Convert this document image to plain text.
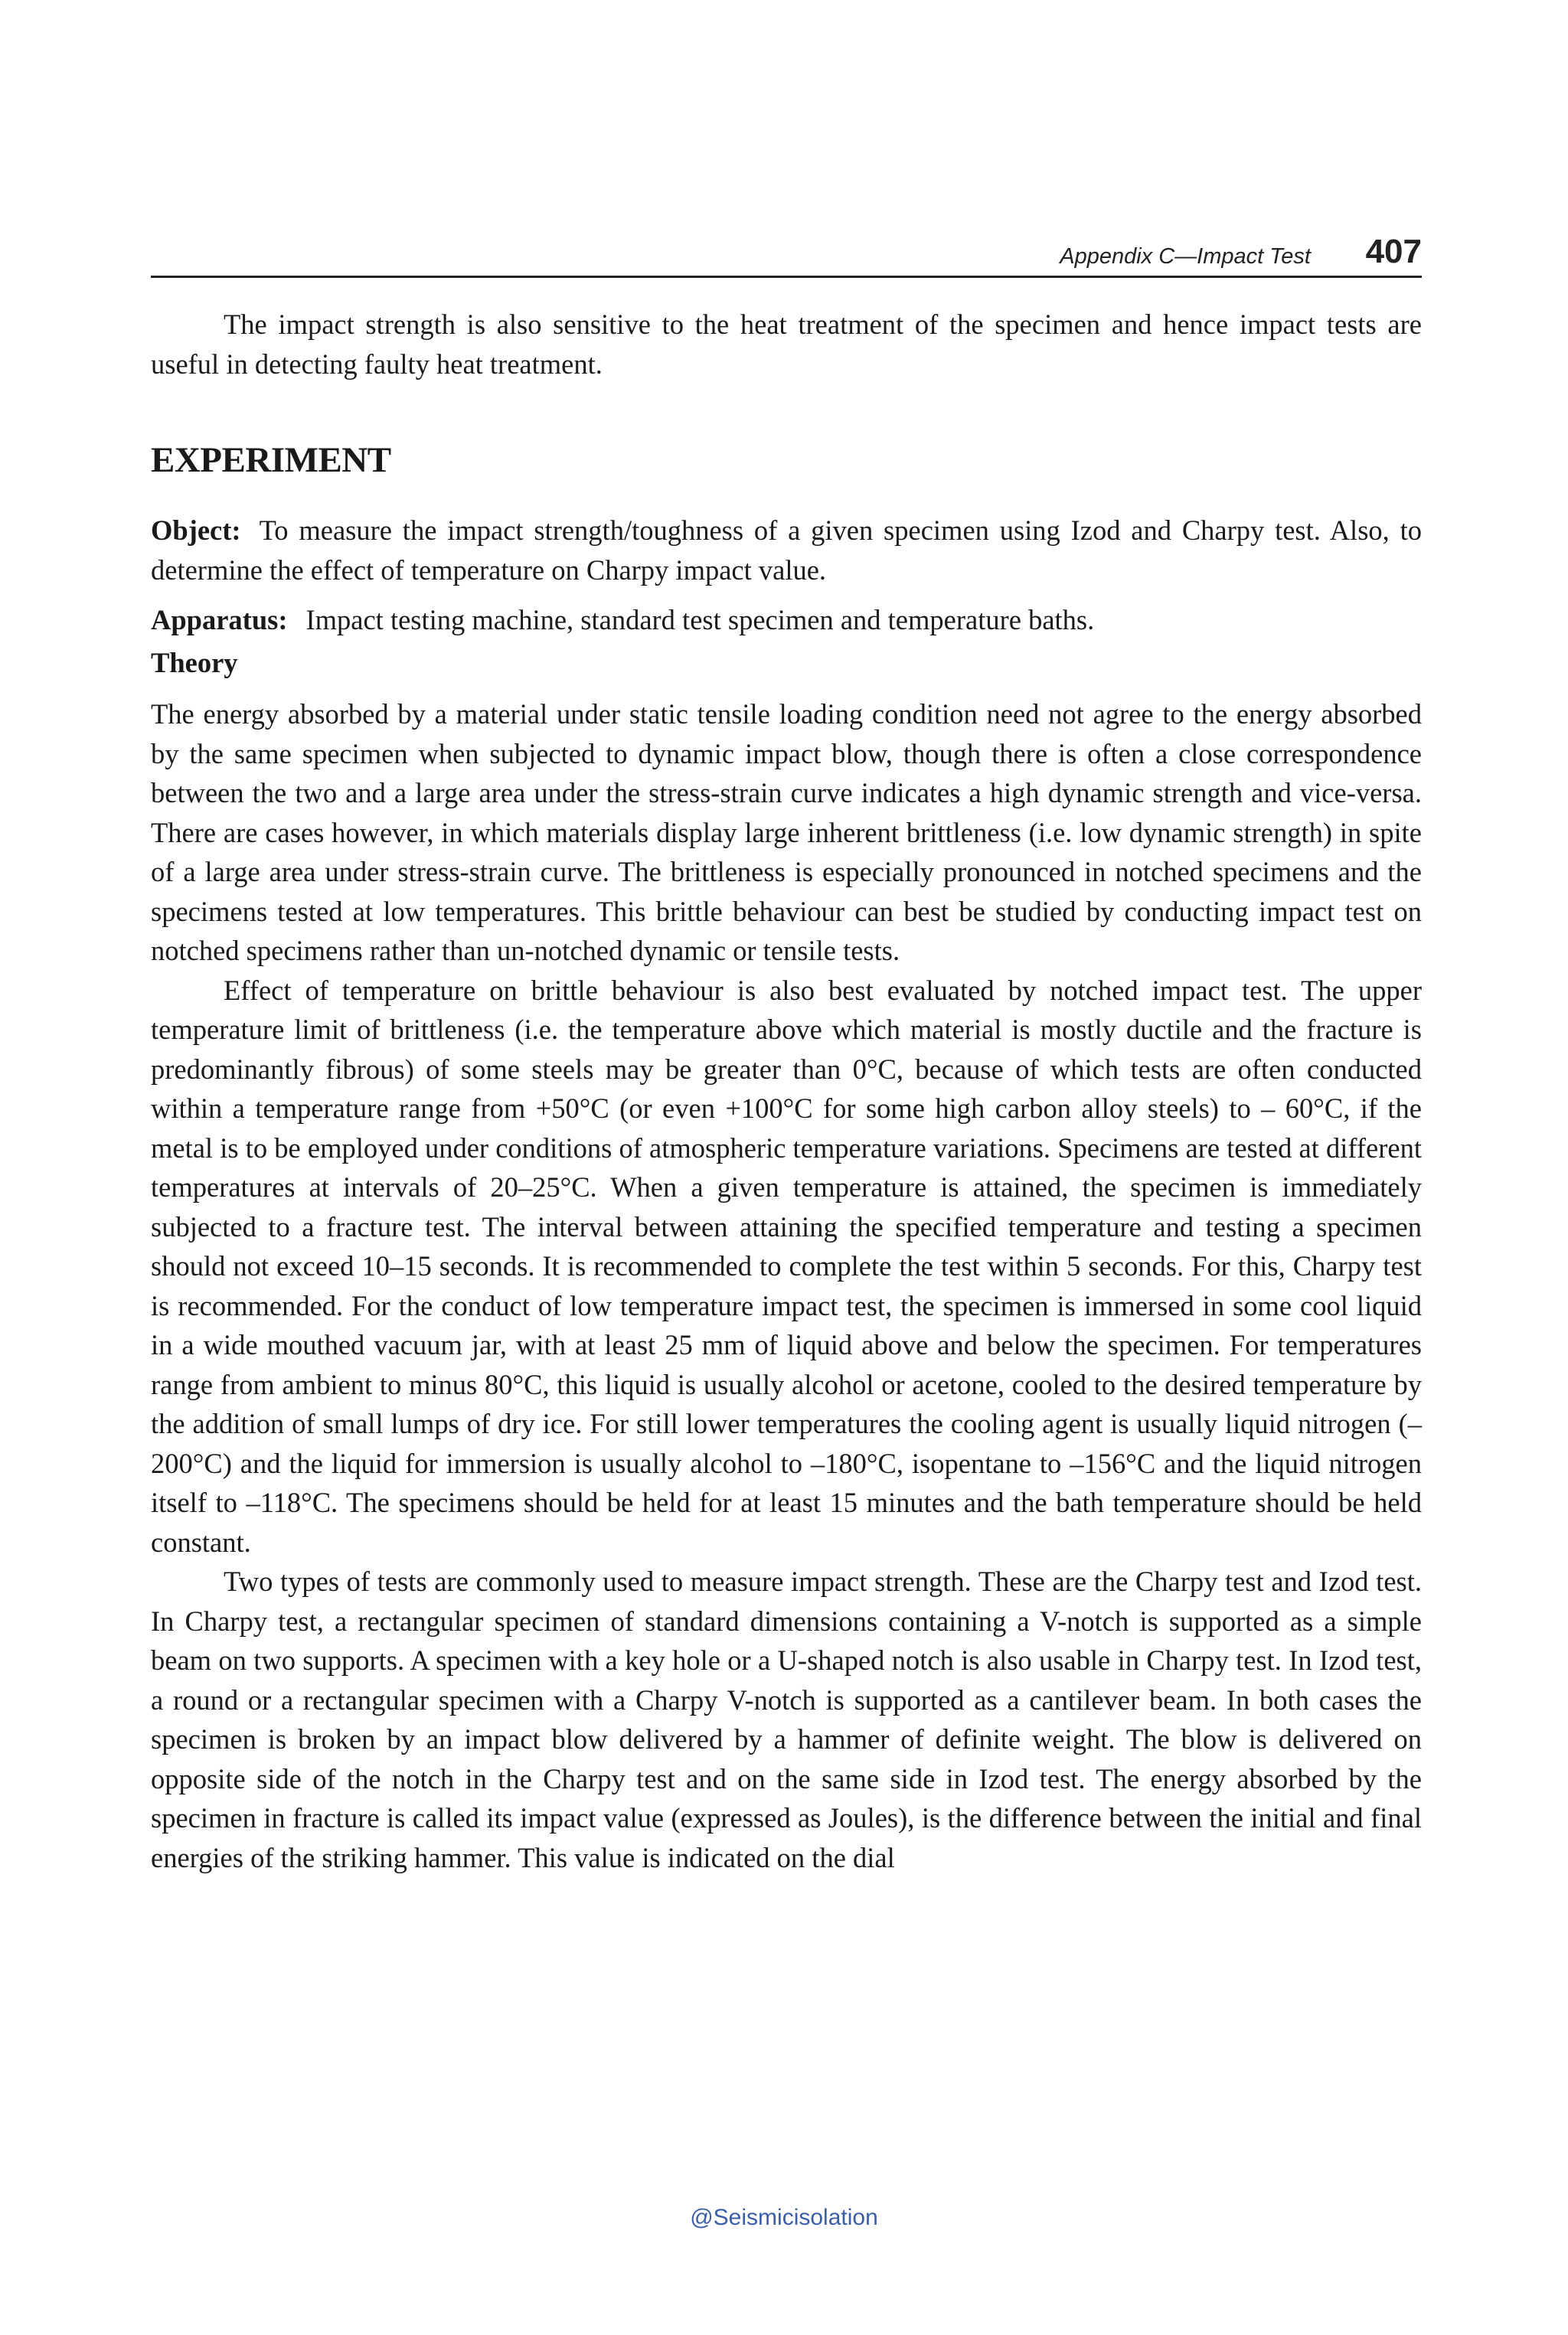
Appendix C—Impact Test 407

The impact strength is also sensitive to the heat treatment of the specimen and hence impact tests are useful in detecting faulty heat treatment.

EXPERIMENT

Object: To measure the impact strength/toughness of a given specimen using Izod and Charpy test. Also, to determine the effect of temperature on Charpy impact value.

Apparatus: Impact testing machine, standard test specimen and temperature baths.

Theory

The energy absorbed by a material under static tensile loading condition need not agree to the energy absorbed by the same specimen when subjected to dynamic impact blow, though there is often a close correspondence between the two and a large area under the stress-strain curve indicates a high dynamic strength and vice-versa. There are cases however, in which materials display large inherent brittleness (i.e. low dynamic strength) in spite of a large area under stress-strain curve. The brittleness is especially pronounced in notched specimens and the specimens tested at low temperatures. This brittle behaviour can best be studied by conducting impact test on notched specimens rather than un-notched dynamic or tensile tests.

Effect of temperature on brittle behaviour is also best evaluated by notched impact test. The upper temperature limit of brittleness (i.e. the temperature above which material is mostly ductile and the fracture is predominantly fibrous) of some steels may be greater than 0°C, because of which tests are often conducted within a temperature range from +50°C (or even +100°C for some high carbon alloy steels) to – 60°C, if the metal is to be employed under conditions of atmospheric temperature variations. Specimens are tested at different temperatures at intervals of 20–25°C. When a given temperature is attained, the specimen is immediately subjected to a fracture test. The interval between attaining the specified temperature and testing a specimen should not exceed 10–15 seconds. It is recommended to complete the test within 5 seconds. For this, Charpy test is recommended. For the conduct of low temperature impact test, the specimen is immersed in some cool liquid in a wide mouthed vacuum jar, with at least 25 mm of liquid above and below the specimen. For temperatures range from ambient to minus 80°C, this liquid is usually alcohol or acetone, cooled to the desired temperature by the addition of small lumps of dry ice. For still lower temperatures the cooling agent is usually liquid nitrogen (–200°C) and the liquid for immersion is usually alcohol to –180°C, isopentane to –156°C and the liquid nitrogen itself to –118°C. The specimens should be held for at least 15 minutes and the bath temperature should be held constant.

Two types of tests are commonly used to measure impact strength. These are the Charpy test and Izod test. In Charpy test, a rectangular specimen of standard dimensions containing a V-notch is supported as a simple beam on two supports. A specimen with a key hole or a U-shaped notch is also usable in Charpy test. In Izod test, a round or a rectangular specimen with a Charpy V-notch is supported as a cantilever beam. In both cases the specimen is broken by an impact blow delivered by a hammer of definite weight. The blow is delivered on opposite side of the notch in the Charpy test and on the same side in Izod test. The energy absorbed by the specimen in fracture is called its impact value (expressed as Joules), is the difference between the initial and final energies of the striking hammer. This value is indicated on the dial

@Seismicisolation
